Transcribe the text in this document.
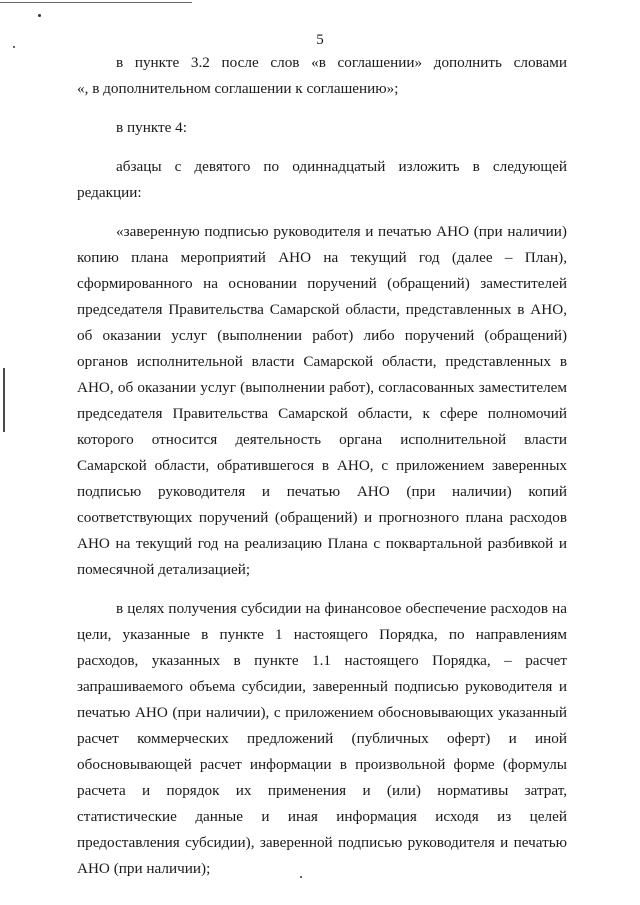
5
в пункте 3.2 после слов «в соглашении» дополнить словами
«, в дополнительном соглашении к соглашению»;
в пункте 4:
абзацы с девятого по одиннадцатый изложить в следующей
редакции:
«заверенную подписью руководителя и печатью АНО (при наличии)
копию плана мероприятий АНО на текущий год (далее – План),
сформированного на основании поручений (обращений) заместителей
председателя Правительства Самарской области, представленных в АНО,
об оказании услуг (выполнении работ) либо поручений (обращений)
органов исполнительной власти Самарской области, представленных в
АНО, об оказании услуг (выполнении работ), согласованных заместителем
председателя Правительства Самарской области, к сфере полномочий
которого относится деятельность органа исполнительной власти
Самарской области, обратившегося в АНО, с приложением заверенных
подписью руководителя и печатью АНО (при наличии) копий
соответствующих поручений (обращений) и прогнозного плана расходов
АНО на текущий год на реализацию Плана с поквартальной разбивкой и
помесячной детализацией;
в целях получения субсидии на финансовое обеспечение расходов на
цели, указанные в пункте 1 настоящего Порядка, по направлениям
расходов, указанных в пункте 1.1 настоящего Порядка, – расчет
запрашиваемого объема субсидии, заверенный подписью руководителя и
печатью АНО (при наличии), с приложением обосновывающих указанный
расчет коммерческих предложений (публичных оферт) и иной
обосновывающей расчет информации в произвольной форме (формулы
расчета и порядок их применения и (или) нормативы затрат,
статистические данные и иная информация исходя из целей
предоставления субсидии), заверенной подписью руководителя и печатью
АНО (при наличии);
